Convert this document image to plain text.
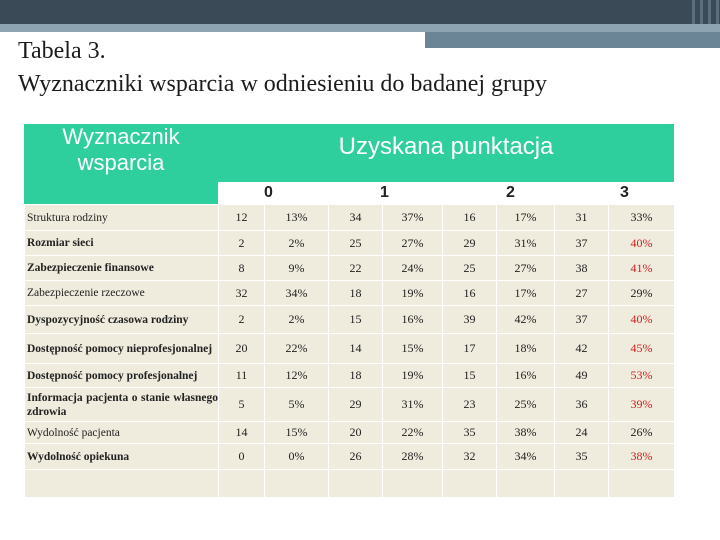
Tabela 3.
Wyznaczniki wsparcia w odniesieniu do badanej grupy
Wyznacznik
wsparcia
Uzyskana punktacja
0	1	2	3
Struktura rodziny	12	13%	34	37%	16	17%	31	33%
Rozmiar sieci	2	2%	25	27%	29	31%	37	40%
Zabezpieczenie finansowe	8	9%	22	24%	25	27%	38	41%
Zabezpieczenie rzeczowe	32	34%	18	19%	16	17%	27	29%
Dyspozycyjność czasowa rodziny	2	2%	15	16%	39	42%	37	40%
Dostępność pomocy nieprofesjonalnej	20	22%	14	15%	17	18%	42	45%
Dostępność pomocy profesjonalnej	11	12%	18	19%	15	16%	49	53%
Informacja pacjenta o stanie własnego zdrowia	5	5%	29	31%	23	25%	36	39%
Wydolność pacjenta	14	15%	20	22%	35	38%	24	26%
Wydolność opiekuna	0	0%	26	28%	32	34%	35	38%
